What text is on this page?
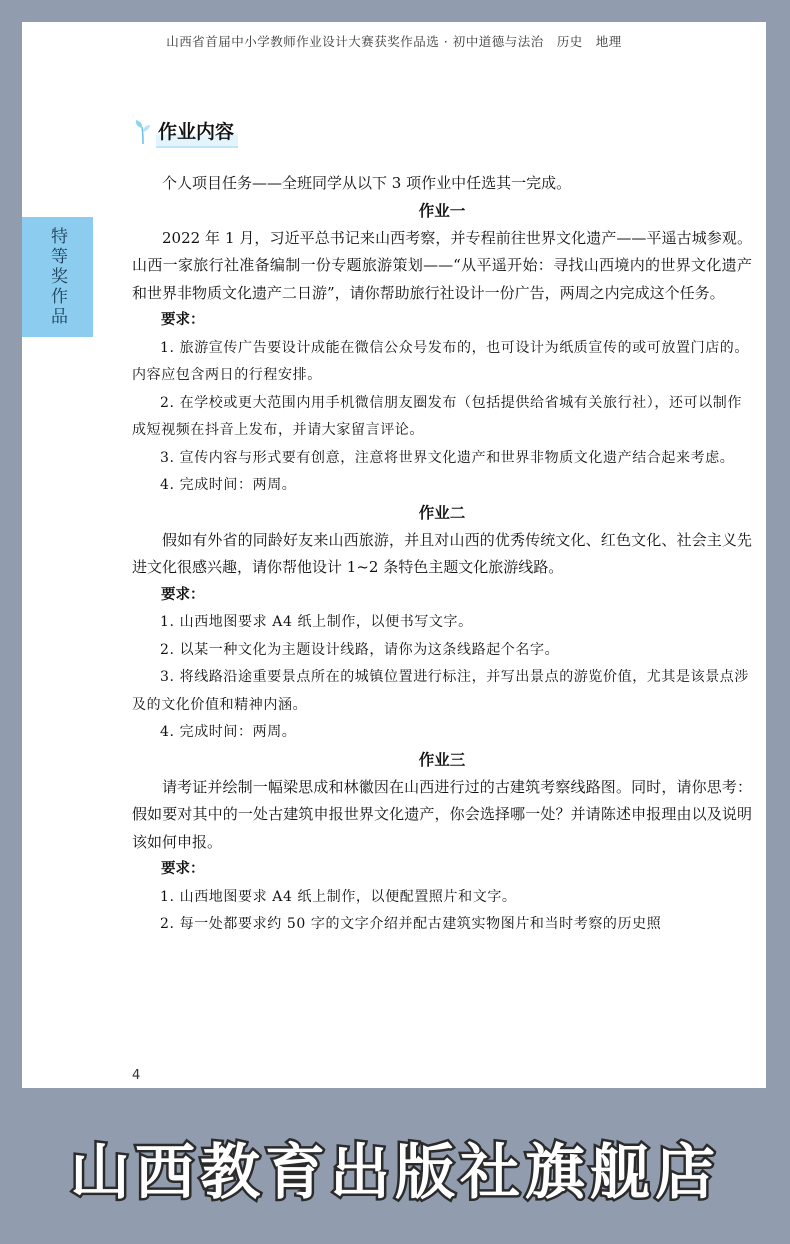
山西省首届中小学教师作业设计大赛获奖作品选 · 初中道德与法治　历史　地理
特等奖作品
作业内容

个人项目任务——全班同学从以下 3 项作业中任选其一完成。

作业一

2022 年 1 月，习近平总书记来山西考察，并专程前往世界文化遗产——平遥古城参观。山西一家旅行社准备编制一份专题旅游策划——“从平遥开始：寻找山西境内的世界文化遗产和世界非物质文化遗产二日游”，请你帮助旅行社设计一份广告，两周之内完成这个任务。

要求：
1. 旅游宣传广告要设计成能在微信公众号发布的，也可设计为纸质宣传的或可放置门店的。内容应包含两日的行程安排。
2. 在学校或更大范围内用手机微信朋友圈发布（包括提供给省城有关旅行社），还可以制作成短视频在抖音上发布，并请大家留言评论。
3. 宣传内容与形式要有创意，注意将世界文化遗产和世界非物质文化遗产结合起来考虑。
4. 完成时间：两周。
作业二

假如有外省的同龄好友来山西旅游，并且对山西的优秀传统文化、红色文化、社会主义先进文化很感兴趣，请你帮他设计 1~2 条特色主题文化旅游线路。

要求：
1. 山西地图要求 A4 纸上制作，以便书写文字。
2. 以某一种文化为主题设计线路，请你为这条线路起个名字。
3. 将线路沿途重要景点所在的城镇位置进行标注，并写出景点的游览价值，尤其是该景点涉及的文化价值和精神内涵。
4. 完成时间：两周。
作业三

请考证并绘制一幅梁思成和林徽因在山西进行过的古建筑考察线路图。同时，请你思考：假如要对其中的一处古建筑申报世界文化遗产，你会选择哪一处？并请陈述申报理由以及说明该如何申报。

要求：
1. 山西地图要求 A4 纸上制作，以便配置照片和文字。
2. 每一处都要求约 50 字的文字介绍并配古建筑实物图片和当时考察的历史照
4
山西教育出版社旗舰店
